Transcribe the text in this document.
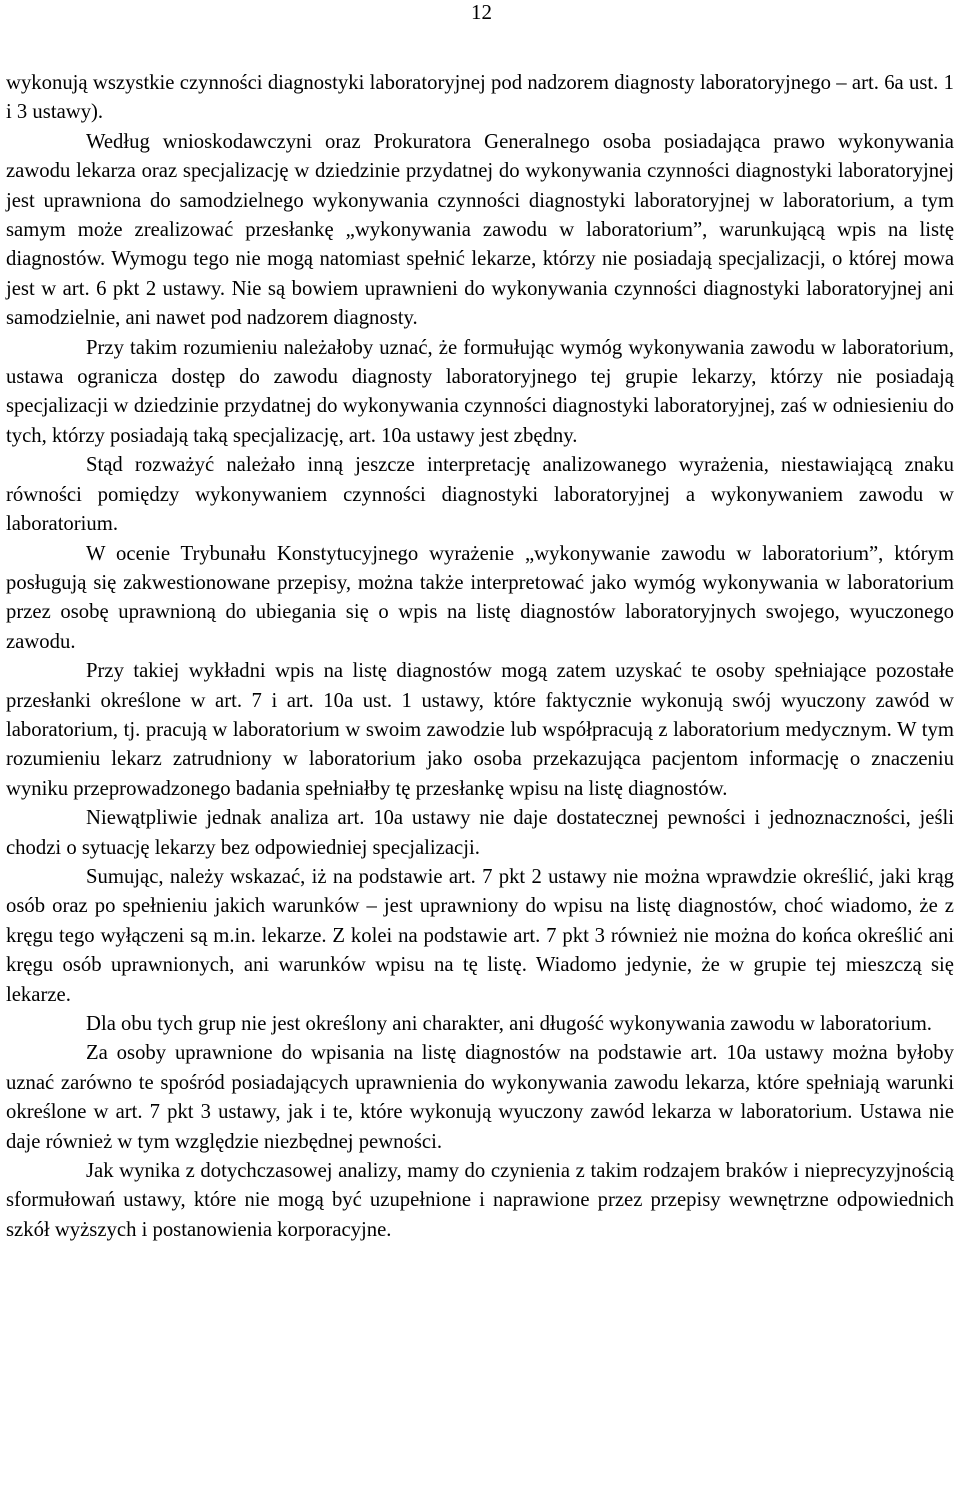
12

wykonują wszystkie czynności diagnostyki laboratoryjnej pod nadzorem diagnosty laboratoryjnego – art. 6a ust. 1 i 3 ustawy).

Według wnioskodawczyni oraz Prokuratora Generalnego osoba posiadająca prawo wykonywania zawodu lekarza oraz specjalizację w dziedzinie przydatnej do wykonywania czynności diagnostyki laboratoryjnej jest uprawniona do samodzielnego wykonywania czynności diagnostyki laboratoryjnej w laboratorium, a tym samym może zrealizować przesłankę „wykonywania zawodu w laboratorium”, warunkującą wpis na listę diagnostów. Wymogu tego nie mogą natomiast spełnić lekarze, którzy nie posiadają specjalizacji, o której mowa jest w art. 6 pkt 2 ustawy. Nie są bowiem uprawnieni do wykonywania czynności diagnostyki laboratoryjnej ani samodzielnie, ani nawet pod nadzorem diagnosty.

Przy takim rozumieniu należałoby uznać, że formułując wymóg wykonywania zawodu w laboratorium, ustawa ogranicza dostęp do zawodu diagnosty laboratoryjnego tej grupie lekarzy, którzy nie posiadają specjalizacji w dziedzinie przydatnej do wykonywania czynności diagnostyki laboratoryjnej, zaś w odniesieniu do tych, którzy posiadają taką specjalizację, art. 10a ustawy jest zbędny.

Stąd rozważyć należało inną jeszcze interpretację analizowanego wyrażenia, niestawiającą znaku równości pomiędzy wykonywaniem czynności diagnostyki laboratoryjnej a wykonywaniem zawodu w laboratorium.

W ocenie Trybunału Konstytucyjnego wyrażenie „wykonywanie zawodu w laboratorium”, którym posługują się zakwestionowane przepisy, można także interpretować jako wymóg wykonywania w laboratorium przez osobę uprawnioną do ubiegania się o wpis na listę diagnostów laboratoryjnych swojego, wyuczonego zawodu.

Przy takiej wykładni wpis na listę diagnostów mogą zatem uzyskać te osoby spełniające pozostałe przesłanki określone w art. 7 i art. 10a ust. 1 ustawy, które faktycznie wykonują swój wyuczony zawód w laboratorium, tj. pracują w laboratorium w swoim zawodzie lub współpracują z laboratorium medycznym. W tym rozumieniu lekarz zatrudniony w laboratorium jako osoba przekazująca pacjentom informację o znaczeniu wyniku przeprowadzonego badania spełniałby tę przesłankę wpisu na listę diagnostów.

Niewątpliwie jednak analiza art. 10a ustawy nie daje dostatecznej pewności i jednoznaczności, jeśli chodzi o sytuację lekarzy bez odpowiedniej specjalizacji.

Sumując, należy wskazać, iż na podstawie art. 7 pkt 2 ustawy nie można wprawdzie określić, jaki krąg osób oraz po spełnieniu jakich warunków – jest uprawniony do wpisu na listę diagnostów, choć wiadomo, że z kręgu tego wyłączeni są m.in. lekarze. Z kolei na podstawie art. 7 pkt 3 również nie można do końca określić ani kręgu osób uprawnionych, ani warunków wpisu na tę listę. Wiadomo jedynie, że w grupie tej mieszczą się lekarze.

Dla obu tych grup nie jest określony ani charakter, ani długość wykonywania zawodu w laboratorium.

Za osoby uprawnione do wpisania na listę diagnostów na podstawie art. 10a ustawy można byłoby uznać zarówno te spośród posiadających uprawnienia do wykonywania zawodu lekarza, które spełniają warunki określone w art. 7 pkt 3 ustawy, jak i te, które wykonują wyuczony zawód lekarza w laboratorium. Ustawa nie daje również w tym względzie niezbędnej pewności.

Jak wynika z dotychczasowej analizy, mamy do czynienia z takim rodzajem braków i nieprecyzyjnością sformułowań ustawy, które nie mogą być uzupełnione i naprawione przez przepisy wewnętrzne odpowiednich szkół wyższych i postanowienia korporacyjne.
